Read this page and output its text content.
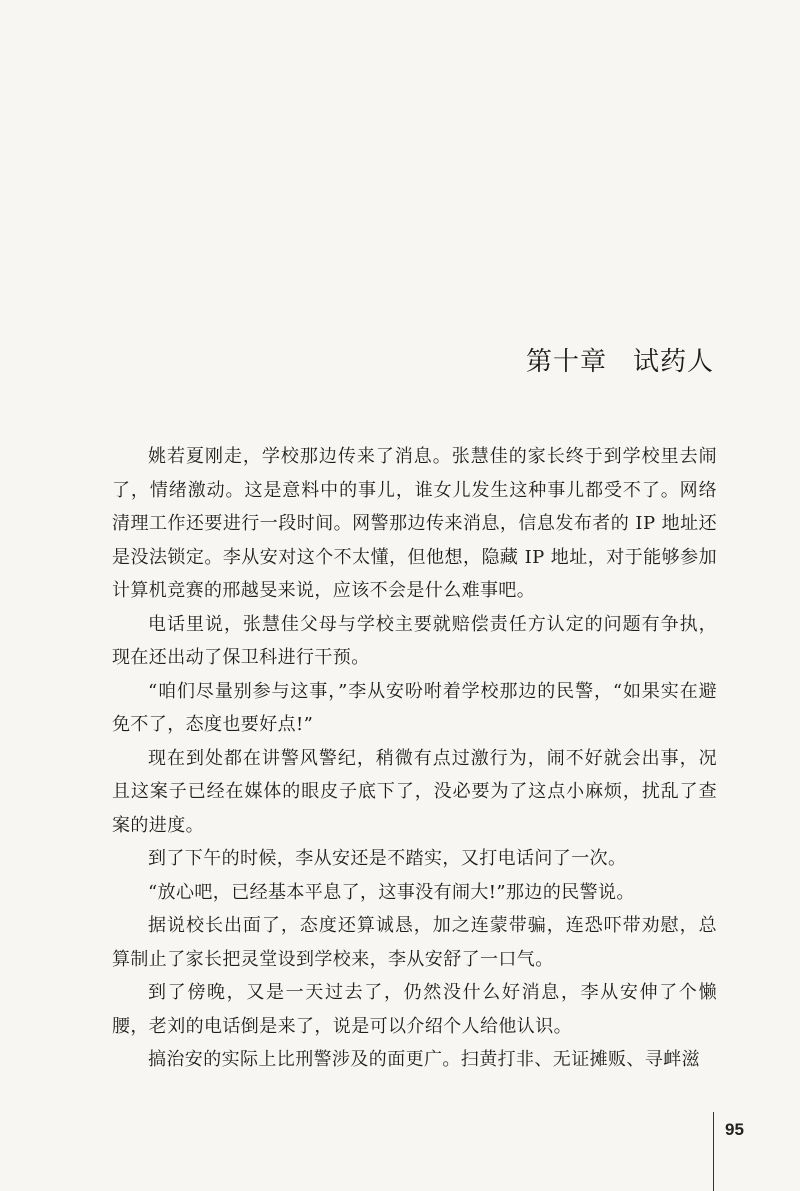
第十章 试药人

姚若夏刚走，学校那边传来了消息。张慧佳的家长终于到学校里去闹了，情绪激动。这是意料中的事儿，谁女儿发生这种事儿都受不了。网络清理工作还要进行一段时间。网警那边传来消息，信息发布者的 IP 地址还是没法锁定。李从安对这个不太懂，但他想，隐藏 IP 地址，对于能够参加计算机竞赛的邢越旻来说，应该不会是什么难事吧。

电话里说，张慧佳父母与学校主要就赔偿责任方认定的问题有争执，现在还出动了保卫科进行干预。

“咱们尽量别参与这事，”李从安吩咐着学校那边的民警，“如果实在避免不了，态度也要好点!”

现在到处都在讲警风警纪，稍微有点过激行为，闹不好就会出事，况且这案子已经在媒体的眼皮子底下了，没必要为了这点小麻烦，扰乱了查案的进度。

到了下午的时候，李从安还是不踏实，又打电话问了一次。

“放心吧，已经基本平息了，这事没有闹大!”那边的民警说。

据说校长出面了，态度还算诚恳，加之连蒙带骗，连恐吓带劝慰，总算制止了家长把灵堂设到学校来，李从安舒了一口气。

到了傍晚，又是一天过去了，仍然没什么好消息，李从安伸了个懒腰，老刘的电话倒是来了，说是可以介绍个人给他认识。

搞治安的实际上比刑警涉及的面更广。扫黄打非、无证摊贩、寻衅滋

95
